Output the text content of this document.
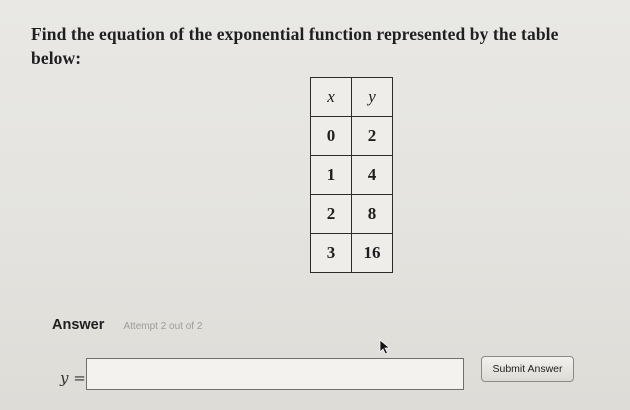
Find the equation of the exponential function represented by the table below:
x	y
0	2
1	4
2	8
3	16
Answer Attempt 2 out of 2
y =	Submit Answer
